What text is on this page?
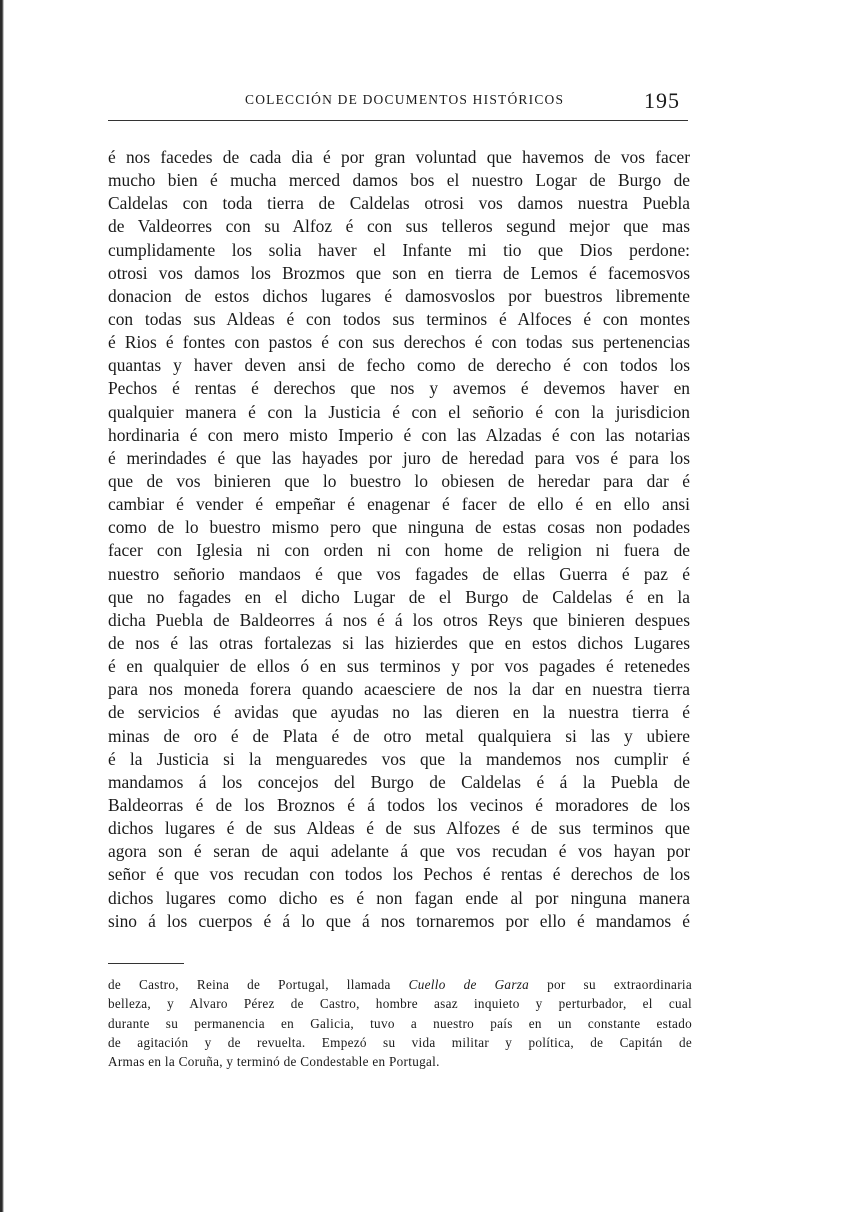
COLECCIÓN DE DOCUMENTOS HISTÓRICOS	195
é nos facedes de cada dia é por gran voluntad que havemos de vos facer
mucho bien é mucha merced damos bos el nuestro Logar de Burgo de
Caldelas con toda tierra de Caldelas otrosi vos damos nuestra Puebla
de Valdeorres con su Alfoz é con sus telleros segund mejor que mas
cumplidamente los solia haver el Infante mi tio que Dios perdone:
otrosi vos damos los Brozmos que son en tierra de Lemos é facemosvos
donacion de estos dichos lugares é damosvoslos por buestros libremente
con todas sus Aldeas é con todos sus terminos é Alfoces é con montes
é Rios é fontes con pastos é con sus derechos é con todas sus pertenencias
quantas y haver deven ansi de fecho como de derecho é con todos los
Pechos é rentas é derechos que nos y avemos é devemos haver en
qualquier manera é con la Justicia é con el señorio é con la jurisdicion
hordinaria é con mero misto Imperio é con las Alzadas é con las notarias
é merindades é que las hayades por juro de heredad para vos é para los
que de vos binieren que lo buestro lo obiesen de heredar para dar é
cambiar é vender é empeñar é enagenar é facer de ello é en ello ansi
como de lo buestro mismo pero que ninguna de estas cosas non podades
facer con Iglesia ni con orden ni con home de religion ni fuera de
nuestro señorio mandaos é que vos fagades de ellas Guerra é paz é
que no fagades en el dicho Lugar de el Burgo de Caldelas é en la
dicha Puebla de Baldeorres á nos é á los otros Reys que binieren despues
de nos é las otras fortalezas si las hizierdes que en estos dichos Lugares
é en qualquier de ellos ó en sus terminos y por vos pagades é retenedes
para nos moneda forera quando acaesciere de nos la dar en nuestra tierra
de servicios é avidas que ayudas no las dieren en la nuestra tierra é
minas de oro é de Plata é de otro metal qualquiera si las y ubiere
é la Justicia si la menguaredes vos que la mandemos nos cumplir é
mandamos á los concejos del Burgo de Caldelas é á la Puebla de
Baldeorras é de los Broznos é á todos los vecinos é moradores de los
dichos lugares é de sus Aldeas é de sus Alfozes é de sus terminos que
agora son é seran de aqui adelante á que vos recudan é vos hayan por
señor é que vos recudan con todos los Pechos é rentas é derechos de los
dichos lugares como dicho es é non fagan ende al por ninguna manera
sino á los cuerpos é á lo que á nos tornaremos por ello é mandamos é
de Castro, Reina de Portugal, llamada Cuello de Garza por su extraordinaria
belleza, y Alvaro Pérez de Castro, hombre asaz inquieto y perturbador, el cual
durante su permanencia en Galicia, tuvo a nuestro país en un constante estado
de agitación y de revuelta. Empezó su vida militar y política, de Capitán de
Armas en la Coruña, y terminó de Condestable en Portugal.
